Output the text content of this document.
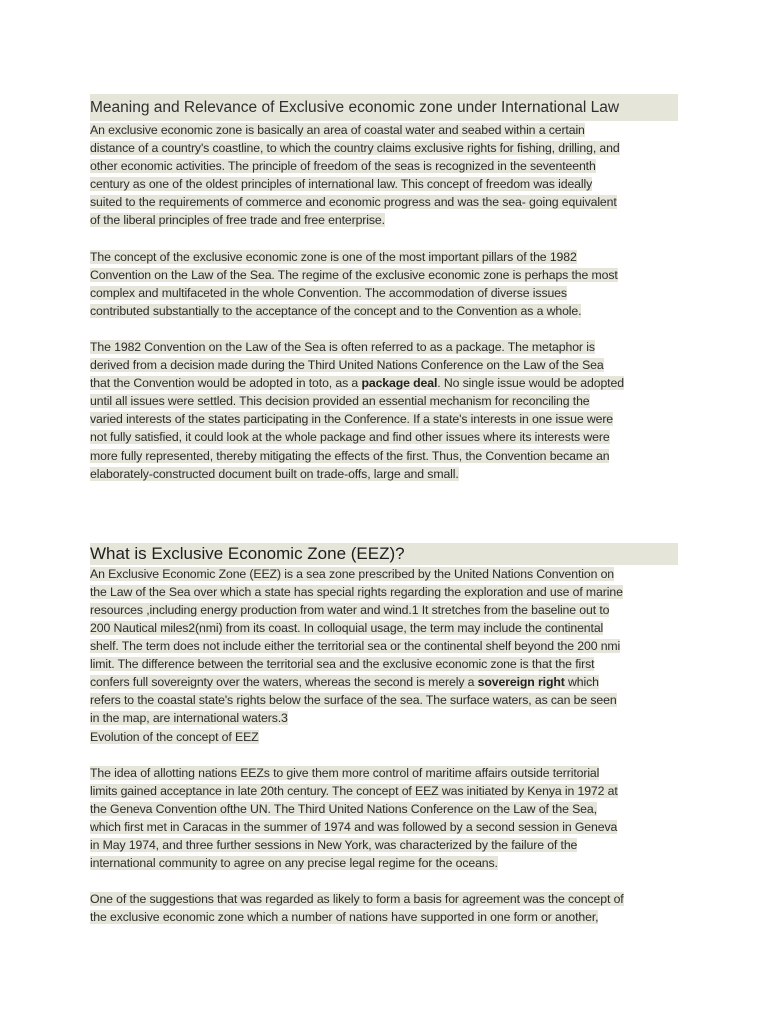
Meaning and Relevance of Exclusive economic zone under International Law
An exclusive economic zone is basically an area of coastal water and seabed within a certain
distance of a country's coastline, to which the country claims exclusive rights for fishing, drilling, and
other economic activities. The principle of freedom of the seas is recognized in the seventeenth
century as one of the oldest principles of international law. This concept of freedom was ideally
suited to the requirements of commerce and economic progress and was the sea- going equivalent
of the liberal principles of free trade and free enterprise.
The concept of the exclusive economic zone is one of the most important pillars of the 1982
Convention on the Law of the Sea. The regime of the exclusive economic zone is perhaps the most
complex and multifaceted in the whole Convention. The accommodation of diverse issues
contributed substantially to the acceptance of the concept and to the Convention as a whole.
The 1982 Convention on the Law of the Sea is often referred to as a package. The metaphor is
derived from a decision made during the Third United Nations Conference on the Law of the Sea
that the Convention would be adopted in toto, as a package deal. No single issue would be adopted
until all issues were settled. This decision provided an essential mechanism for reconciling the
varied interests of the states participating in the Conference. If a state's interests in one issue were
not fully satisfied, it could look at the whole package and find other issues where its interests were
more fully represented, thereby mitigating the effects of the first. Thus, the Convention became an
elaborately-constructed document built on trade-offs, large and small.
What is Exclusive Economic Zone (EEZ)?
An Exclusive Economic Zone (EEZ) is a sea zone prescribed by the United Nations Convention on
the Law of the Sea over which a state has special rights regarding the exploration and use of marine
resources ,including energy production from water and wind.1 It stretches from the baseline out to
200 Nautical miles2(nmi) from its coast. In colloquial usage, the term may include the continental
shelf. The term does not include either the territorial sea or the continental shelf beyond the 200 nmi
limit. The difference between the territorial sea and the exclusive economic zone is that the first
confers full sovereignty over the waters, whereas the second is merely a sovereign right which
refers to the coastal state's rights below the surface of the sea. The surface waters, as can be seen
in the map, are international waters.3
Evolution of the concept of EEZ
The idea of allotting nations EEZs to give them more control of maritime affairs outside territorial
limits gained acceptance in late 20th century. The concept of EEZ was initiated by Kenya in 1972 at
the Geneva Convention ofthe UN. The Third United Nations Conference on the Law of the Sea,
which first met in Caracas in the summer of 1974 and was followed by a second session in Geneva
in May 1974, and three further sessions in New York, was characterized by the failure of the
international community to agree on any precise legal regime for the oceans.
One of the suggestions that was regarded as likely to form a basis for agreement was the concept of
the exclusive economic zone which a number of nations have supported in one form or another,
